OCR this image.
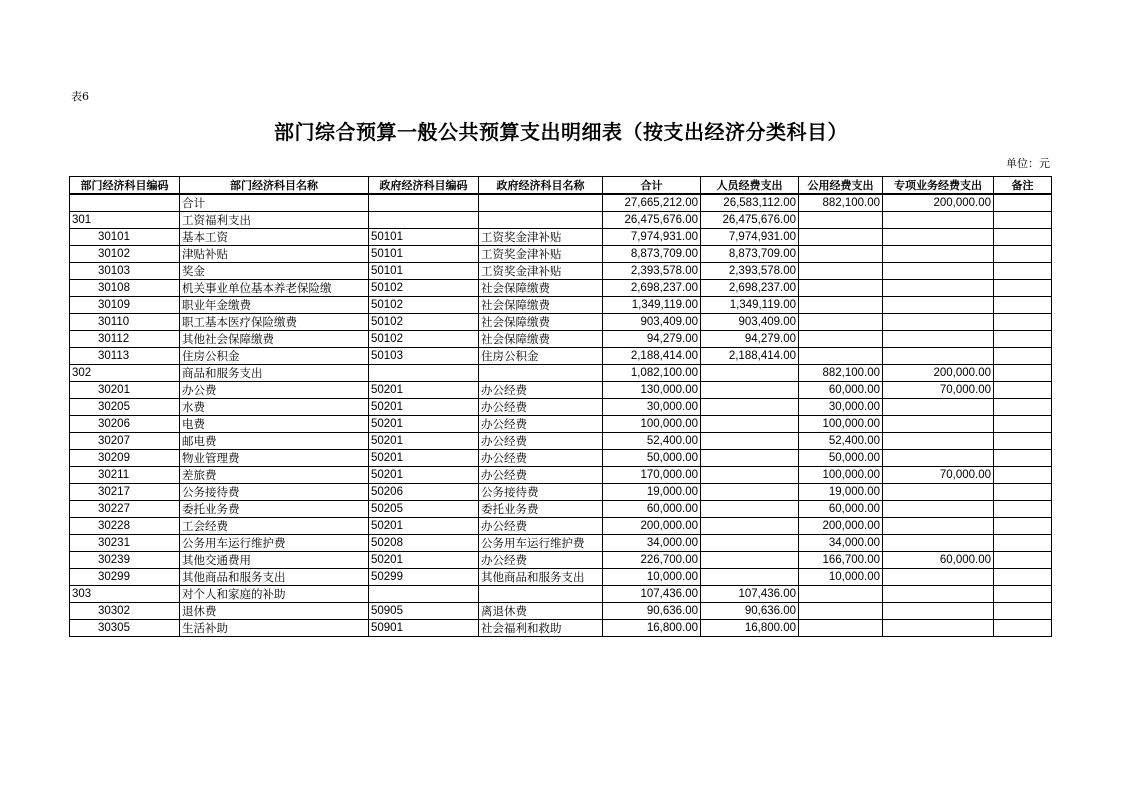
表6
部门综合预算一般公共预算支出明细表（按支出经济分类科目）
单位：元
部门经济科目编码	部门经济科目名称	政府经济科目编码	政府经济科目名称	合计	人员经费支出	公用经费支出	专项业务经费支出	备注
	合计			27,665,212.00	26,583,112.00	882,100.00	200,000.00	
301	工资福利支出			26,475,676.00	26,475,676.00			
30101	基本工资	50101	工资奖金津补贴	7,974,931.00	7,974,931.00			
30102	津贴补贴	50101	工资奖金津补贴	8,873,709.00	8,873,709.00			
30103	奖金	50101	工资奖金津补贴	2,393,578.00	2,393,578.00			
30108	机关事业单位基本养老保险缴	50102	社会保障缴费	2,698,237.00	2,698,237.00			
30109	职业年金缴费	50102	社会保障缴费	1,349,119.00	1,349,119.00			
30110	职工基本医疗保险缴费	50102	社会保障缴费	903,409.00	903,409.00			
30112	其他社会保障缴费	50102	社会保障缴费	94,279.00	94,279.00			
30113	住房公积金	50103	住房公积金	2,188,414.00	2,188,414.00			
302	商品和服务支出			1,082,100.00		882,100.00	200,000.00	
30201	办公费	50201	办公经费	130,000.00		60,000.00	70,000.00	
30205	水费	50201	办公经费	30,000.00		30,000.00		
30206	电费	50201	办公经费	100,000.00		100,000.00		
30207	邮电费	50201	办公经费	52,400.00		52,400.00		
30209	物业管理费	50201	办公经费	50,000.00		50,000.00		
30211	差旅费	50201	办公经费	170,000.00		100,000.00	70,000.00	
30217	公务接待费	50206	公务接待费	19,000.00		19,000.00		
30227	委托业务费	50205	委托业务费	60,000.00		60,000.00		
30228	工会经费	50201	办公经费	200,000.00		200,000.00		
30231	公务用车运行维护费	50208	公务用车运行维护费	34,000.00		34,000.00		
30239	其他交通费用	50201	办公经费	226,700.00		166,700.00	60,000.00	
30299	其他商品和服务支出	50299	其他商品和服务支出	10,000.00		10,000.00		
303	对个人和家庭的补助			107,436.00	107,436.00			
30302	退休费	50905	离退休费	90,636.00	90,636.00			
30305	生活补助	50901	社会福利和救助	16,800.00	16,800.00			
